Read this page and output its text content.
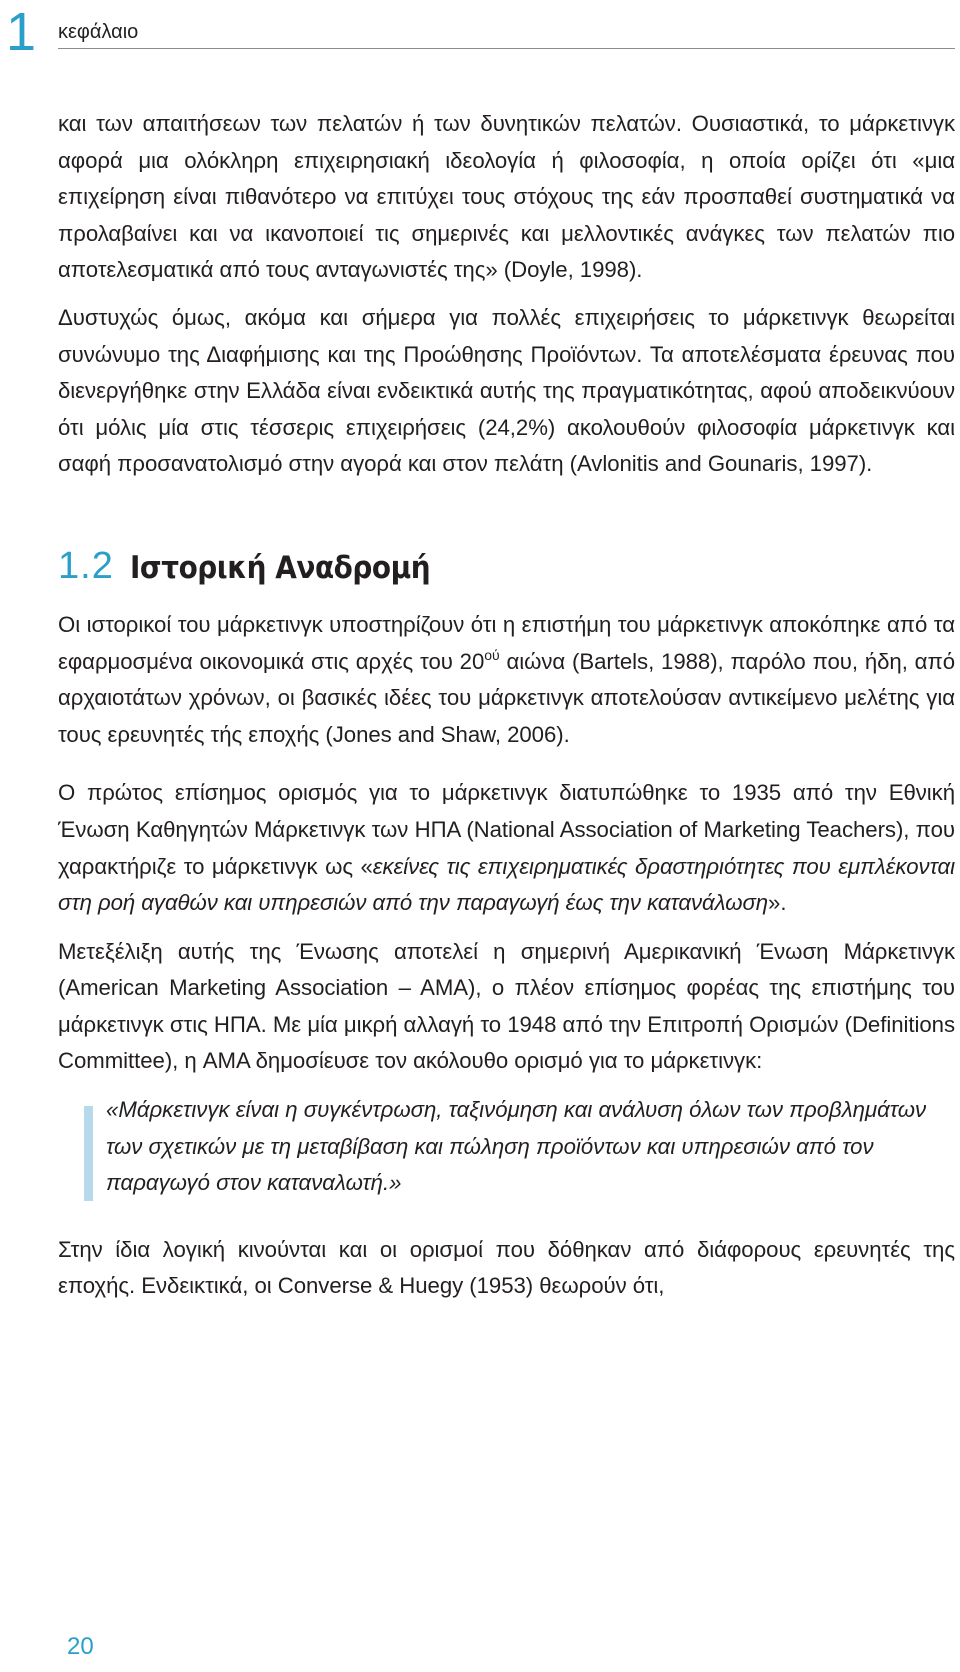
1 κεφάλαιο

και των απαιτήσεων των πελατών ή των δυνητικών πελατών. Ουσιαστικά, το μάρκετινγκ αφορά μια ολόκληρη επιχειρησιακή ιδεολογία ή φιλοσοφία, η οποία ορίζει ότι «μια επιχείρηση είναι πιθανότερο να επιτύχει τους στόχους της εάν προσπαθεί συστηματικά να προλαβαίνει και να ικανοποιεί τις σημερινές και μελλοντικές ανάγκες των πελατών πιο αποτελεσματικά από τους ανταγωνιστές της» (Doyle, 1998).

Δυστυχώς όμως, ακόμα και σήμερα για πολλές επιχειρήσεις το μάρκετινγκ θεωρείται συνώνυμο της Διαφήμισης και της Προώθησης Προϊόντων. Τα αποτελέσματα έρευνας που διενεργήθηκε στην Ελλάδα είναι ενδεικτικά αυτής της πραγματικότητας, αφού αποδεικνύουν ότι μόλις μία στις τέσσερις επιχειρήσεις (24,2%) ακολουθούν φιλοσοφία μάρκετινγκ και σαφή προσανατολισμό στην αγορά και στον πελάτη (Avlonitis and Gounaris, 1997).

1.2 Ιστορική Αναδρομή

Οι ιστορικοί του μάρκετινγκ υποστηρίζουν ότι η επιστήμη του μάρκετινγκ αποκόπηκε από τα εφαρμοσμένα οικονομικά στις αρχές του $20^{oύ}$ αιώνα (Bartels, 1988), παρόλο που, ήδη, από αρχαιοτάτων χρόνων, οι βασικές ιδέες του μάρκετινγκ αποτελούσαν αντικείμενο μελέτης για τους ερευνητές τής εποχής (Jones and Shaw, 2006).

Ο πρώτος επίσημος ορισμός για το μάρκετινγκ διατυπώθηκε το 1935 από την Εθνική Ένωση Καθηγητών Μάρκετινγκ των ΗΠΑ (National Association of Marketing Teachers), που χαρακτήριζε το μάρκετινγκ ως «εκείνες τις επιχειρηματικές δραστηριότητες που εμπλέκονται στη ροή αγαθών και υπηρεσιών από την παραγωγή έως την κατανάλωση».

Μετεξέλιξη αυτής της Ένωσης αποτελεί η σημερινή Αμερικανική Ένωση Μάρκετινγκ (American Marketing Association – AMA), ο πλέον επίσημος φορέας της επιστήμης του μάρκετινγκ στις ΗΠΑ. Με μία μικρή αλλαγή το 1948 από την Επιτροπή Ορισμών (Definitions Committee), η AMA δημοσίευσε τον ακόλουθο ορισμό για το μάρκετινγκ:

«Μάρκετινγκ είναι η συγκέντρωση, ταξινόμηση και ανάλυση όλων των προβλημάτων των σχετικών με τη μεταβίβαση και πώληση προϊόντων και υπηρεσιών από τον παραγωγό στον καταναλωτή.»

Στην ίδια λογική κινούνται και οι ορισμοί που δόθηκαν από διάφορους ερευνητές της εποχής. Ενδεικτικά, οι Converse & Huegy (1953) θεωρούν ότι,

20
